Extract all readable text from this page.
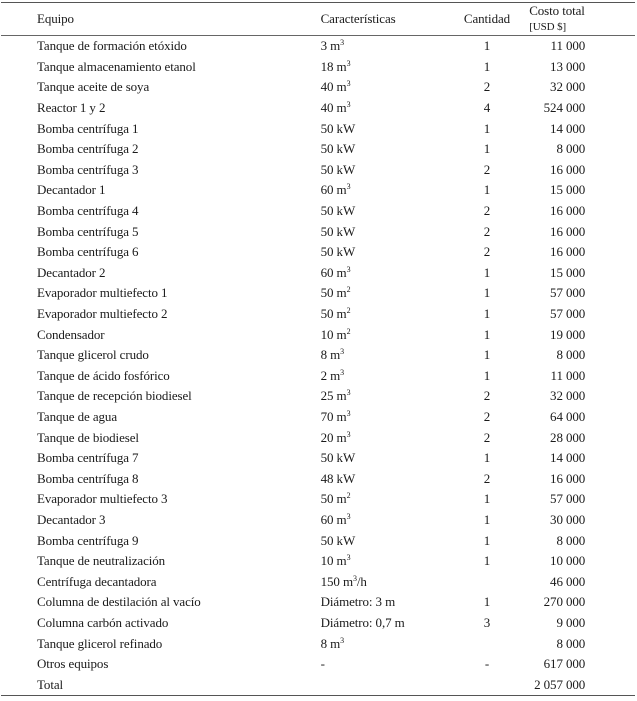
Equipo	Características	Cantidad	Costo total
[USD $]

Tanque de formación etóxido	3 $m^3$	1	11 000
Tanque almacenamiento etanol	18 $m^3$	1	13 000
Tanque aceite de soya	40 $m^3$	2	32 000
Reactor 1 y 2	40 $m^3$	4	524 000
Bomba centrífuga 1	50 kW	1	14 000
Bomba centrífuga 2	50 kW	1	8 000
Bomba centrífuga 3	50 kW	2	16 000
Decantador 1	60 $m^3$	1	15 000
Bomba centrífuga 4	50 kW	2	16 000
Bomba centrífuga 5	50 kW	2	16 000
Bomba centrífuga 6	50 kW	2	16 000
Decantador 2	60 $m^3$	1	15 000
Evaporador multiefecto 1	50 $m^2$	1	57 000
Evaporador multiefecto 2	50 $m^2$	1	57 000
Condensador	10 $m^2$	1	19 000
Tanque glicerol crudo	8 $m^3$	1	8 000
Tanque de ácido fosfórico	2 $m^3$	1	11 000
Tanque de recepción biodiesel	25 $m^3$	2	32 000
Tanque de agua	70 $m^3$	2	64 000
Tanque de biodiesel	20 $m^3$	2	28 000
Bomba centrífuga 7	50 kW	1	14 000
Bomba centrífuga 8	48 kW	2	16 000
Evaporador multiefecto 3	50 $m^2$	1	57 000
Decantador 3	60 $m^3$	1	30 000
Bomba centrífuga 9	50 kW	1	8 000
Tanque de neutralización	10 $m^3$	1	10 000
Centrífuga decantadora	150 $m^3/h$		46 000
Columna de destilación al vacío	Diámetro: 3 m	1	270 000
Columna carbón activado	Diámetro: 0,7 m	3	9 000
Tanque glicerol refinado	8 $m^3$		8 000
Otros equipos	-	-	617 000
Total			2 057 000
